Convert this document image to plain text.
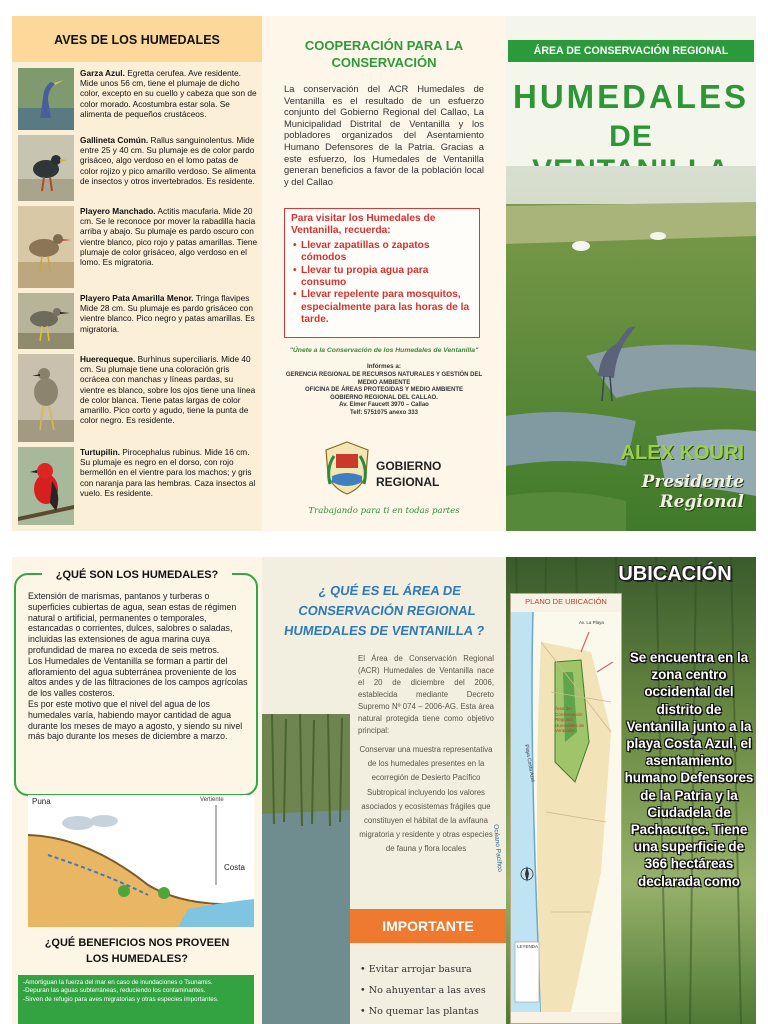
AVES DE LOS HUMEDALES
Garza Azul. Egretta cerufea. Ave residente. Mide unos 56 cm, tiene el plumaje de dicho color, excepto en su cuello y cabeza que son de color morado. Acostumbra estar sola. Se alimenta de pequeños crustáceos.
Gallineta Común. Rallus sanguinolentus. Mide entre 25 y 40 cm. Su plumaje es de color pardo grisáceo, algo verdoso en el lomo patas de color rojizo y pico amarillo verdoso. Se alimenta de insectos y otros invertebrados. Es residente.
Playero Manchado. Actitis macufaria. Mide 20 cm. Se le reconoce por mover la rabadilla hacia arriba y abajo. Su plumaje es pardo oscuro con vientre blanco, pico rojo y patas amarillas. Tiene plumaje de color grisáceo, algo verdoso en el lomo. Es migratoria.
Playero Pata Amarilla Menor. Tringa flavipes Mide 28 cm. Su plumaje es pardo grisáceo con vientre blanco. Pico negro y patas amarillas. Es migratoria.
Huerequeque. Burhinus superciliaris. Mide 40 cm. Su plumaje tiene una coloración gris ocrácea con manchas y líneas pardas, su vientre es blanco, sobre los ojos tiene una línea de color blanca. Tiene patas largas de color amarillo. Pico corto y agudo, tiene la punta de color negro. Es residente.
Turtupilin. Pirocephalus rubinus. Mide 16 cm. Su plumaje es negro en el dorso, con rojo bermellón en el vientre para los machos; y gris con naranja para las hembras. Caza insectos al vuelo. Es residente.
COOPERACIÓN PARA LA CONSERVACIÓN
La conservación del ACR Humedales de Ventanilla es el resultado de un esfuerzo conjunto del Gobierno Regional del Callao, La Municipalidad Distrital de Ventanilla y los pobladores organizados del Asentamiento Humano Defensores de la Patria. Gracias a este esfuerzo, los Humedales de Ventanilla generan beneficios a favor de la población local y del Callao
Para visitar los Humedales de Ventanilla, recuerda:
• Llevar zapatillas o zapatos cómodos
• Llevar tu propia agua para consumo
• Llevar repelente para mosquitos, especialmente para las horas de la tarde.
"Únete a la Conservación de los Humedales de Ventanilla"
Infórmes a:
GERENCIA REGIONAL DE RECURSOS NATURALES Y GESTIÓN DEL MEDIO AMBIENTE
OFICINA DE ÁREAS PROTEGIDAS Y MEDIO AMBIENTE
GOBIERNO REGIONAL DEL CALLAO.
Av. Elmer Faucett 3970 – Callao
Telf: 5751075 anexo 333
GOBIERNO
REGIONAL
Trabajando para ti en todas partes
ÁREA DE CONSERVACIÓN REGIONAL
HUMEDALES
DE
ALEX KOURI
Presidente Regional
¿QUÉ SON LOS HUMEDALES?
Extensión de marismas, pantanos y turberas o superficies cubiertas de agua, sean estas de régimen natural o artificial, permanentes o temporales, estancadas o corrientes, dulces, salobres o saladas, incluidas las extensiones de agua marina cuya profundidad de marea no exceda de seis metros.
Los Humedales de Ventanilla se forman a partir del afloramiento del agua subterránea proveniente de los altos andes y de las filtraciones de los campos agrícolas de los valles costeros.
Es por este motivo que el nivel del agua de los humedales varía, habiendo mayor cantidad de agua durante los meses de mayo a agosto, y siendo su nivel más bajo durante los meses de diciembre a marzo.
Puna	Vertiente
Costa
¿QUÉ BENEFICIOS NOS PROVEEN LOS HUMEDALES?
-Amortiguan la fuerza del mar en caso de inundaciones o Tsunamis.
-Depuran las aguas subterráneas, reduciendo los contaminantes.
-Sirven de refugio para aves migratorias y otras especies importantes.
¿ QUÉ ES EL ÁREA DE CONSERVACIÓN REGIONAL HUMEDALES DE VENTANILLA ?
El Área de Conservación Regional (ACR) Humedales de Ventanilla nace el 20 de diciembre del 2006, establecida mediante Decreto Supremo Nº 074 – 2006-AG. Esta área natural protegida tiene como objetivo principal:
Conservar una muestra representativa de los humedales presentes en la ecorregión de Desierto Pacífico Subtropical incluyendo los valores asociados y ecosistemas frágiles que constituyen el hábitat de la avifauna migratoria y residente y otras especies de fauna y flora locales
IMPORTANTE
• Evitar arrojar basura
• No ahuyentar a las aves
• No quemar las plantas
UBICACIÓN
PLANO DE UBICACIÓN
Océano Pacífico
Playa Costa Azul
Área de Conservación Regional Humedales de Ventanilla
Av. La Playa
LEYENDA
Se encuentra en la zona centro occidental del distrito de Ventanilla junto a la playa Costa Azul, el asentamiento humano Defensores de la Patria y la Ciudadela de Pachacutec. Tiene una superficie de 366 hectáreas declarada como
